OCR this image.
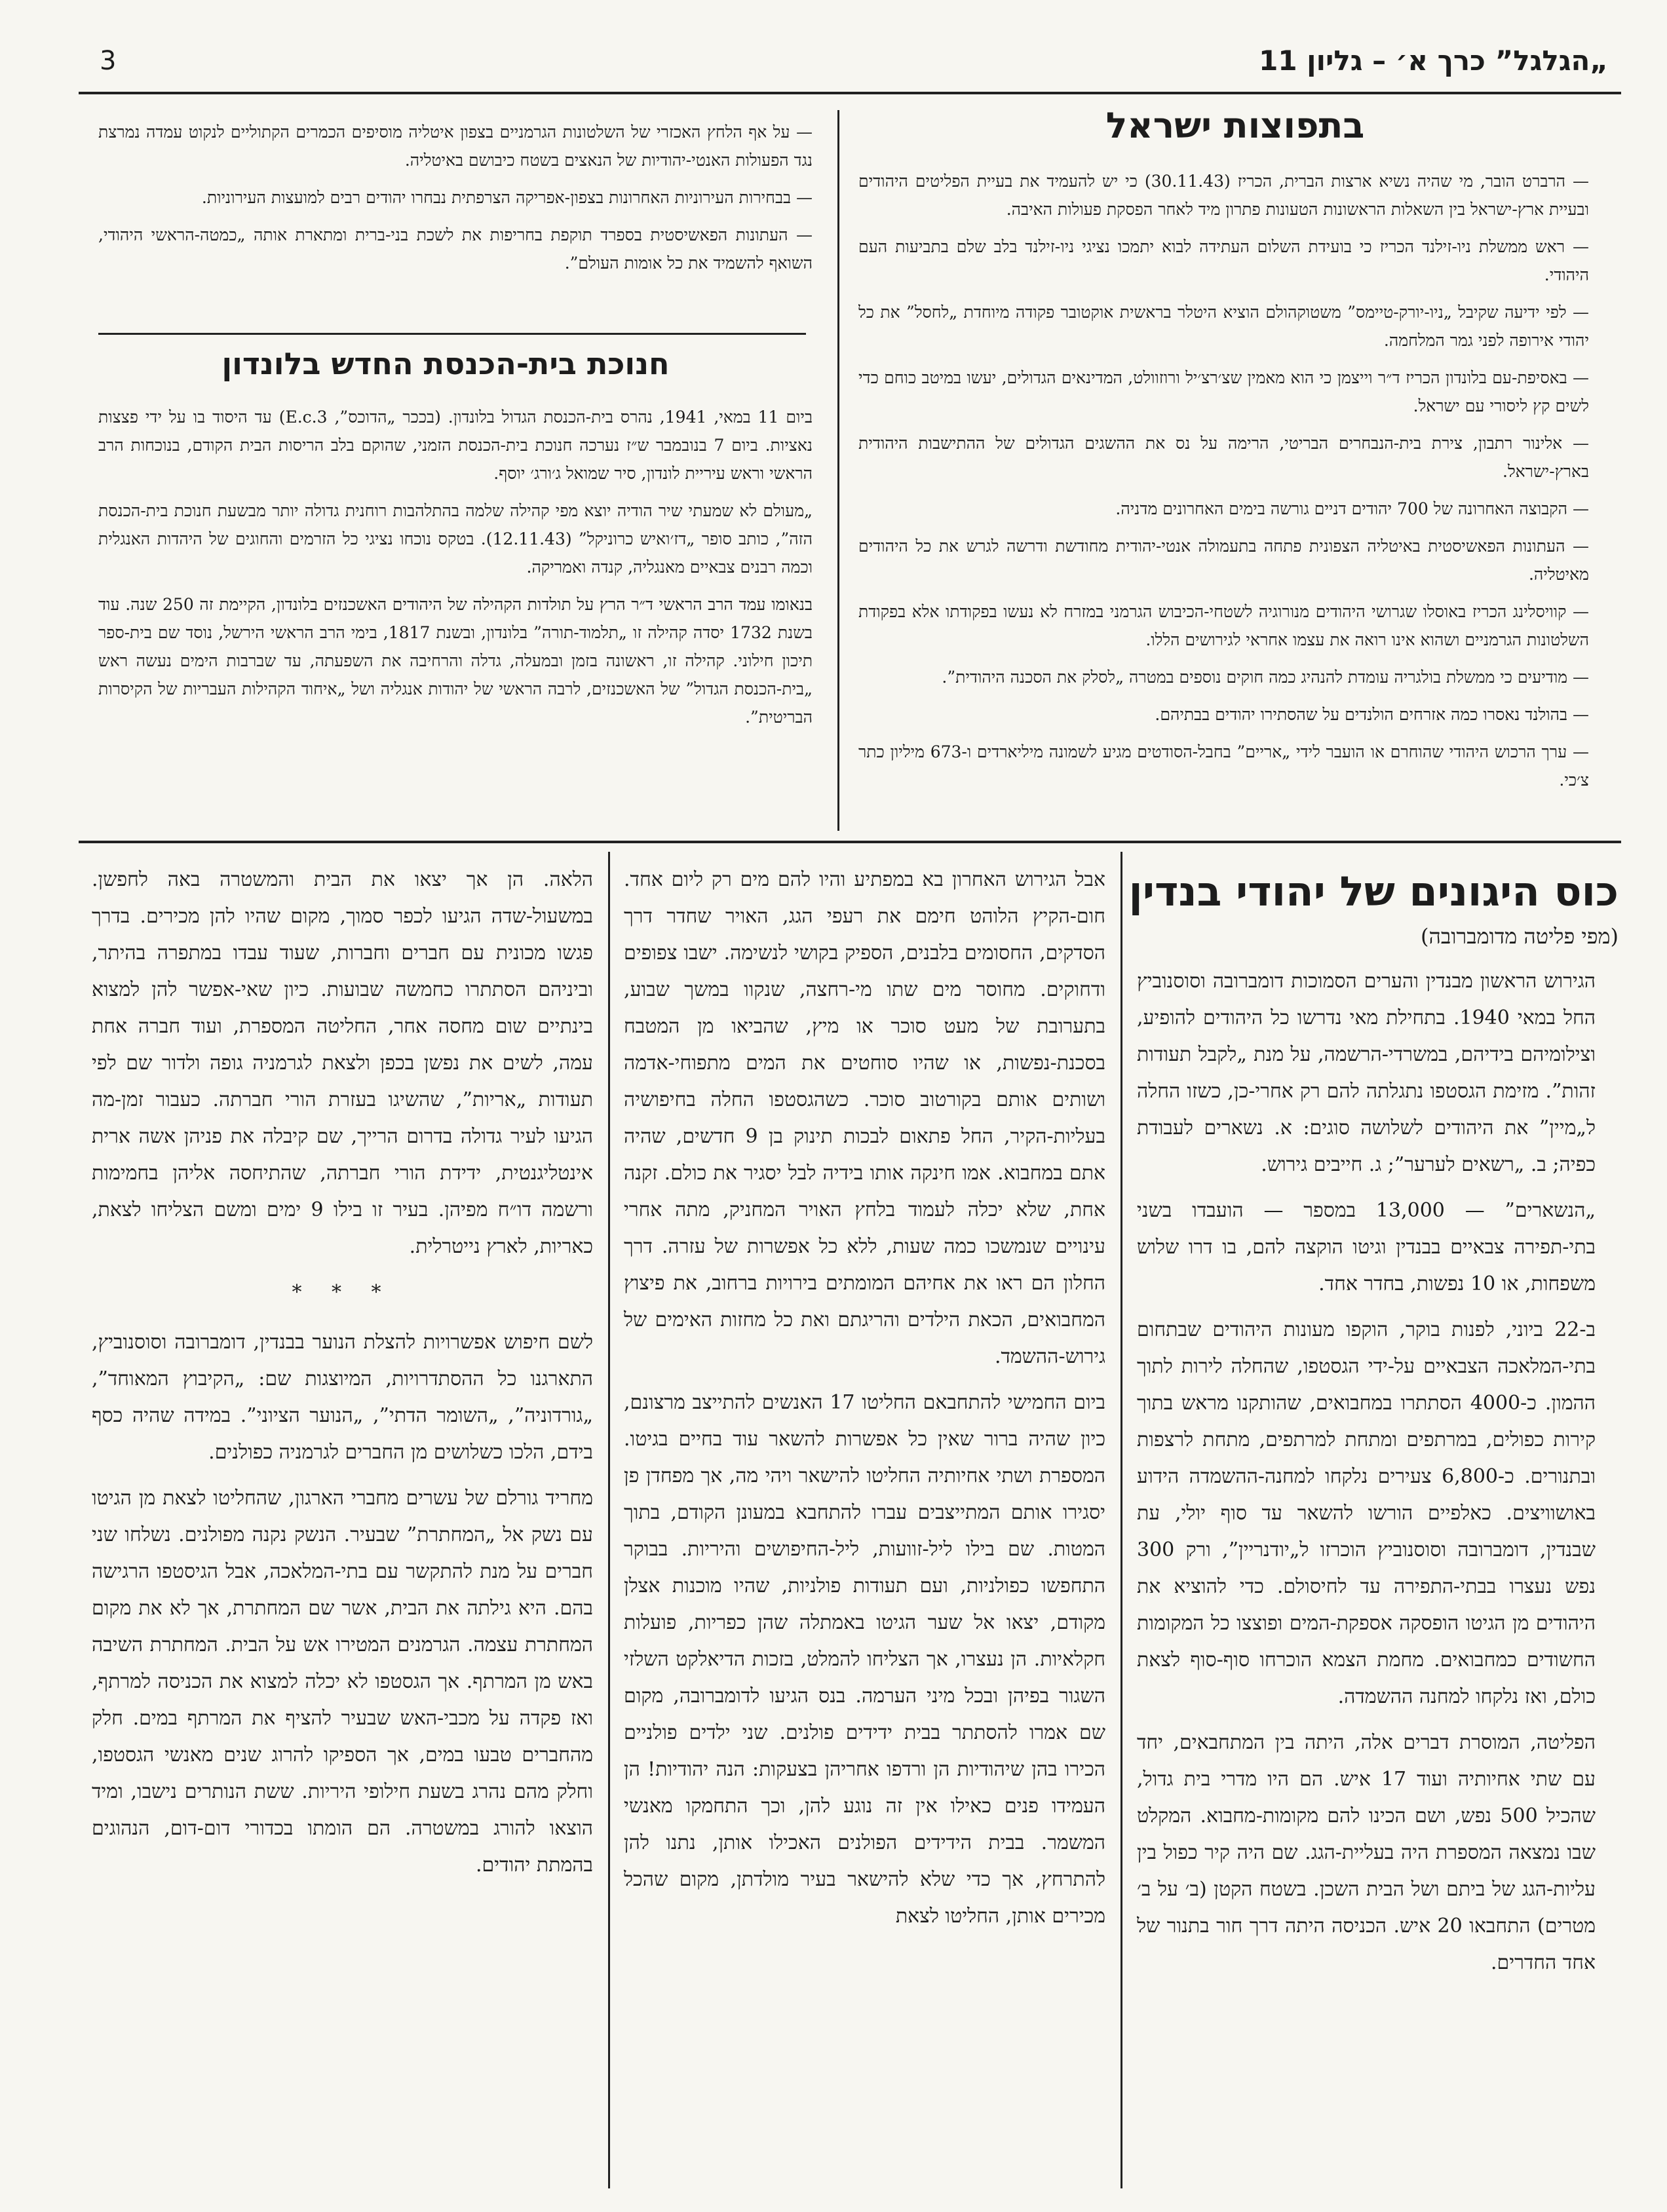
3	„הגלגל” כרך א׳ – גליון 11
בתפוצות ישראל

— הרברט הובר, מי שהיה נשיא ארצות הברית, הכריז (30.11.43) כי יש להעמיד את בעיית הפליטים היהודים ובעיית ארץ-ישראל בין השאלות הראשונות הטעונות פתרון מיד לאחר הפסקת פעולות האיבה.

— ראש ממשלת ניו-זילנד הכריז כי בועידת השלום העתידה לבוא יתמכו נציגי ניו-זילנד בלב שלם בתביעות העם היהודי.

— לפי ידיעה שקיבל „ניו-יורק-טיימס” משטוקהולם הוציא היטלר בראשית אוקטובר פקודה מיוחדת „לחסל” את כל יהודי אירופה לפני גמר המלחמה.

— באסיפת-עם בלונדון הכריז ד״ר וייצמן כי הוא מאמין שצ׳רצ׳יל ורוזוולט, המדינאים הגדולים, יעשו במיטב כוחם כדי לשים קץ ליסורי עם ישראל.

— אלינור רתבון, צירת בית-הנבחרים הבריטי, הרימה על נס את ההשגים הגדולים של ההתישבות היהודית בארץ-ישראל.

— הקבוצה האחרונה של 700 יהודים דניים גורשה בימים האחרונים מדניה.

— העתונות הפאשיסטית באיטליה הצפונית פתחה בתעמולה אנטי-יהודית מחודשת ודרשה לגרש את כל היהודים מאיטליה.

— קוויסלינג הכריז באוסלו שגרושי היהודים מנורוגיה לשטחי-הכיבוש הגרמני במזרח לא נעשו בפקודתו אלא בפקודת השלטונות הגרמניים ושהוא אינו רואה את עצמו אחראי לגירושים הללו.

— מודיעים כי ממשלת בולגריה עומדת להנהיג כמה חוקים נוספים במטרה „לסלק את הסכנה היהודית”.

— בהולנד נאסרו כמה אזרחים הולנדים על שהסתירו יהודים בבתיהם.

— ערך הרכוש היהודי שהוחרם או הועבר לידי „אריים” בחבל-הסודטים מגיע לשמונה מיליארדים ו-673 מיליון כתר צ׳כי.

— על אף הלחץ האכזרי של השלטונות הגרמניים בצפון איטליה מוסיפים הכמרים הקתוליים לנקוט עמדה נמרצת נגד הפעולות האנטי-יהודיות של הנאצים בשטח כיבושם באיטליה.

— בבחירות העירוניות האחרונות בצפון-אפריקה הצרפתית נבחרו יהודים רבים למועצות העירוניות.

— העתונות הפאשיסטית בספרד תוקפת בחריפות את לשכת בני-ברית ומתארת אותה „כמטה-הראשי היהודי, השואף להשמיד את כל אומות העולם”.

חנוכת בית-הכנסת החדש בלונדון

ביום 11 במאי, 1941, נהרס בית-הכנסת הגדול בלונדון. (בככר „הדוכס”, E.c.3) עד היסוד בו על ידי פצצות נאציות. ביום 7 בנובמבר ש״ז נערכה חנוכת בית-הכנסת הזמני, שהוקם בלב הריסות הבית הקודם, בנוכחות הרב הראשי וראש עיריית לונדון, סיר שמואל ג׳ורג׳ יוסף.

„מעולם לא שמעתי שיר הודיה יוצא מפי קהילה שלמה בהתלהבות רוחנית גדולה יותר מבשעת חנוכת בית-הכנסת הזה”, כותב סופר „דז׳ואיש כרוניקל” (12.11.43). בטקס נוכחו נציגי כל הזרמים והחוגים של היהדות האנגלית וכמה רבנים צבאיים מאנגליה, קנדה ואמריקה.

בנאומו עמד הרב הראשי ד״ר הרץ על תולדות הקהילה של היהודים האשכנזים בלונדון, הקיימת זה 250 שנה. עוד בשנת 1732 יסדה קהילה זו „תלמוד-תורה” בלונדון, ובשנת 1817, בימי הרב הראשי הירשל, נוסד שם בית-ספר תיכון חילוני. קהילה זו, ראשונה בזמן ובמעלה, גדלה והרחיבה את השפעתה, עד שברבות הימים נעשה ראש „בית-הכנסת הגדול” של האשכנזים, לרבה הראשי של יהודות אנגליה ושל „איחוד הקהילות העבריות של הקיסרות הבריטית”.

כוס היגונים של יהודי בנדין
(מפי פליטה מדומברובה)

הגירוש הראשון מבנדין והערים הסמוכות דומברובה וסוסנוביץ החל במאי 1940. בתחילת מאי נדרשו כל היהודים להופיע, וצילומיהם בידיהם, במשרדי-הרשמה, על מנת „לקבל תעודות זהות”. מזימת הגסטפו נתגלתה להם רק אחרי-כן, כשזו החלה ל„מיין” את היהודים לשלושה סוגים: א. נשארים לעבודת כפיה; ב. „רשאים לערער”; ג. חייבים גירוש.

„הנשארים” — 13,000 במספר — הועבדו בשני בתי-תפירה צבאיים בבנדין וגיטו הוקצה להם, בו דרו שלוש משפחות, או 10 נפשות, בחדר אחד.

ב-22 ביוני, לפנות בוקר, הוקפו מעונות היהודים שבתחום בתי-המלאכה הצבאיים על-ידי הגסטפו, שהחלה לירות לתוך ההמון. כ-4000 הסתתרו במחבואים, שהותקנו מראש בתוך קירות כפולים, במרתפים ומתחת למרתפים, מתחת לרצפות ובתנורים. כ-6,800 צעירים נלקחו למחנה-ההשמדה הידוע באושוויצים. כאלפיים הורשו להשאר עד סוף יולי, עת שבנדין, דומברובה וסוסנוביץ הוכרזו ל„יודנריין”, ורק 300 נפש נעצרו בבתי-התפירה עד לחיסולם. כדי להוציא את היהודים מן הגיטו הופסקה אספקת-המים ופוצצו כל המקומות החשודים כמחבואים. מחמת הצמא הוכרחו סוף-סוף לצאת כולם, ואז נלקחו למחנה ההשמדה.

הפליטה, המוסרת דברים אלה, היתה בין המתחבאים, יחד עם שתי אחיותיה ועוד 17 איש. הם היו מדרי בית גדול, שהכיל 500 נפש, ושם הכינו להם מקומות-מחבוא. המקלט שבו נמצאה המספרת היה בעליית-הגג. שם היה קיר כפול בין עליות-הגג של ביתם ושל הבית השכן. בשטח הקטן (ב׳ על ב׳ מטרים) התחבאו 20 איש. הכניסה היתה דרך חור בתנור של אחד החדרים.

אבל הגירוש האחרון בא במפתיע והיו להם מים רק ליום אחד. חום-הקיץ הלוהט חימם את רעפי הגג, האויר שחדר דרך הסדקים, החסומים בלבנים, הספיק בקושי לנשימה. ישבו צפופים ודחוקים. מחוסר מים שתו מי-רחצה, שנקוו במשך שבוע, בתערובת של מעט סוכר או מיץ, שהביאו מן המטבח בסכנת-נפשות, או שהיו סוחטים את המים מתפוחי-אדמה ושותים אותם בקורטוב סוכר. כשהגסטפו החלה בחיפושיה בעליות-הקיר, החל פתאום לבכות תינוק בן 9 חדשים, שהיה אתם במחבוא. אמו חינקה אותו בידיה לבל יסגיר את כולם. זקנה אחת, שלא יכלה לעמוד בלחץ האויר המחניק, מתה אחרי עינויים שנמשכו כמה שעות, ללא כל אפשרות של עזרה. דרך החלון הם ראו את אחיהם המומתים בירויות ברחוב, את פיצוץ המחבואים, הכאת הילדים והריגתם ואת כל מחזות האימים של גירוש-ההשמד.

ביום החמישי להתחבאם החליטו 17 האנשים להתייצב מרצונם, כיון שהיה ברור שאין כל אפשרות להשאר עוד בחיים בגיטו. המספרת ושתי אחיותיה החליטו להישאר ויהי מה, אך מפחדן פן יסגירו אותם המתייצבים עברו להתחבא במעונן הקודם, בתוך המטות. שם בילו ליל-זוועות, ליל-החיפושים והיריות. בבוקר התחפשו כפולניות, ועם תעודות פולניות, שהיו מוכנות אצלן מקודם, יצאו אל שער הגיטו באמתלה שהן כפריות, פועלות חקלאיות. הן נעצרו, אך הצליחו להמלט, בזכות הדיאלקט השלזי השגור בפיהן ובכל מיני הערמה. בנס הגיעו לדומברובה, מקום שם אמרו להסתתר בבית ידידים פולנים. שני ילדים פולניים הכירו בהן שיהודיות הן ורדפו אחריהן בצעקות: הנה יהודיות! הן העמידו פנים כאילו אין זה נוגע להן, וכך התחמקו מאנשי המשמר. בבית הידידים הפולנים האכילו אותן, נתנו להן להתרחץ, אך כדי שלא להישאר בעיר מולדתן, מקום שהכל מכירים אותן, החליטו לצאת

הלאה. הן אך יצאו את הבית והמשטרה באה לחפשן. במשעול-שדה הגיעו לכפר סמוך, מקום שהיו להן מכירים. בדרך פגשו מכונית עם חברים וחברות, שעוד עבדו במתפרה בהיתר, וביניהם הסתתרו כחמשה שבועות. כיון שאי-אפשר להן למצוא בינתיים שום מחסה אחר, החליטה המספרת, ועוד חברה אחת עמה, לשים את נפשן בכפן ולצאת לגרמניה גופה ולדור שם לפי תעודות „אריות”, שהשיגו בעזרת הורי חברתה. כעבור זמן-מה הגיעו לעיר גדולה בדרום הרייך, שם קיבלה את פניהן אשה ארית אינטליגנטית, ידידת הורי חברתה, שהתיחסה אליהן בחמימות ורשמה דו״ח מפיהן. בעיר זו בילו 9 ימים ומשם הצליחו לצאת, כאריות, לארץ נייטרלית.

* * *

לשם חיפוש אפשרויות להצלת הנוער בבנדין, דומברובה וסוסנוביץ, התארגנו כל ההסתדרויות, המיוצגות שם: „הקיבוץ המאוחד”, „גורדוניה”, „השומר הדתי”, „הנוער הציוני”. במידה שהיה כסף בידם, הלכו כשלושים מן החברים לגרמניה כפולנים.

מחריד גורלם של עשרים מחברי הארגון, שהחליטו לצאת מן הגיטו עם נשק אל „המחתרת” שבעיר. הנשק נקנה מפולנים. נשלחו שני חברים על מנת להתקשר עם בתי-המלאכה, אבל הגיסטפו הרגישה בהם. היא גילתה את הבית, אשר שם המחתרת, אך לא את מקום המחתרת עצמה. הגרמנים המטירו אש על הבית. המחתרת השיבה באש מן המרתף. אך הגסטפו לא יכלה למצוא את הכניסה למרתף, ואז פקדה על מכבי-האש שבעיר להציף את המרתף במים. חלק מהחברים טבעו במים, אך הספיקו להרוג שנים מאנשי הגסטפו, וחלק מהם נהרג בשעת חילופי היריות. ששת הנותרים נישבו, ומיד הוצאו להורג במשטרה. הם הומתו בכדורי דום-דום, הנהוגים בהמתת יהודים.
